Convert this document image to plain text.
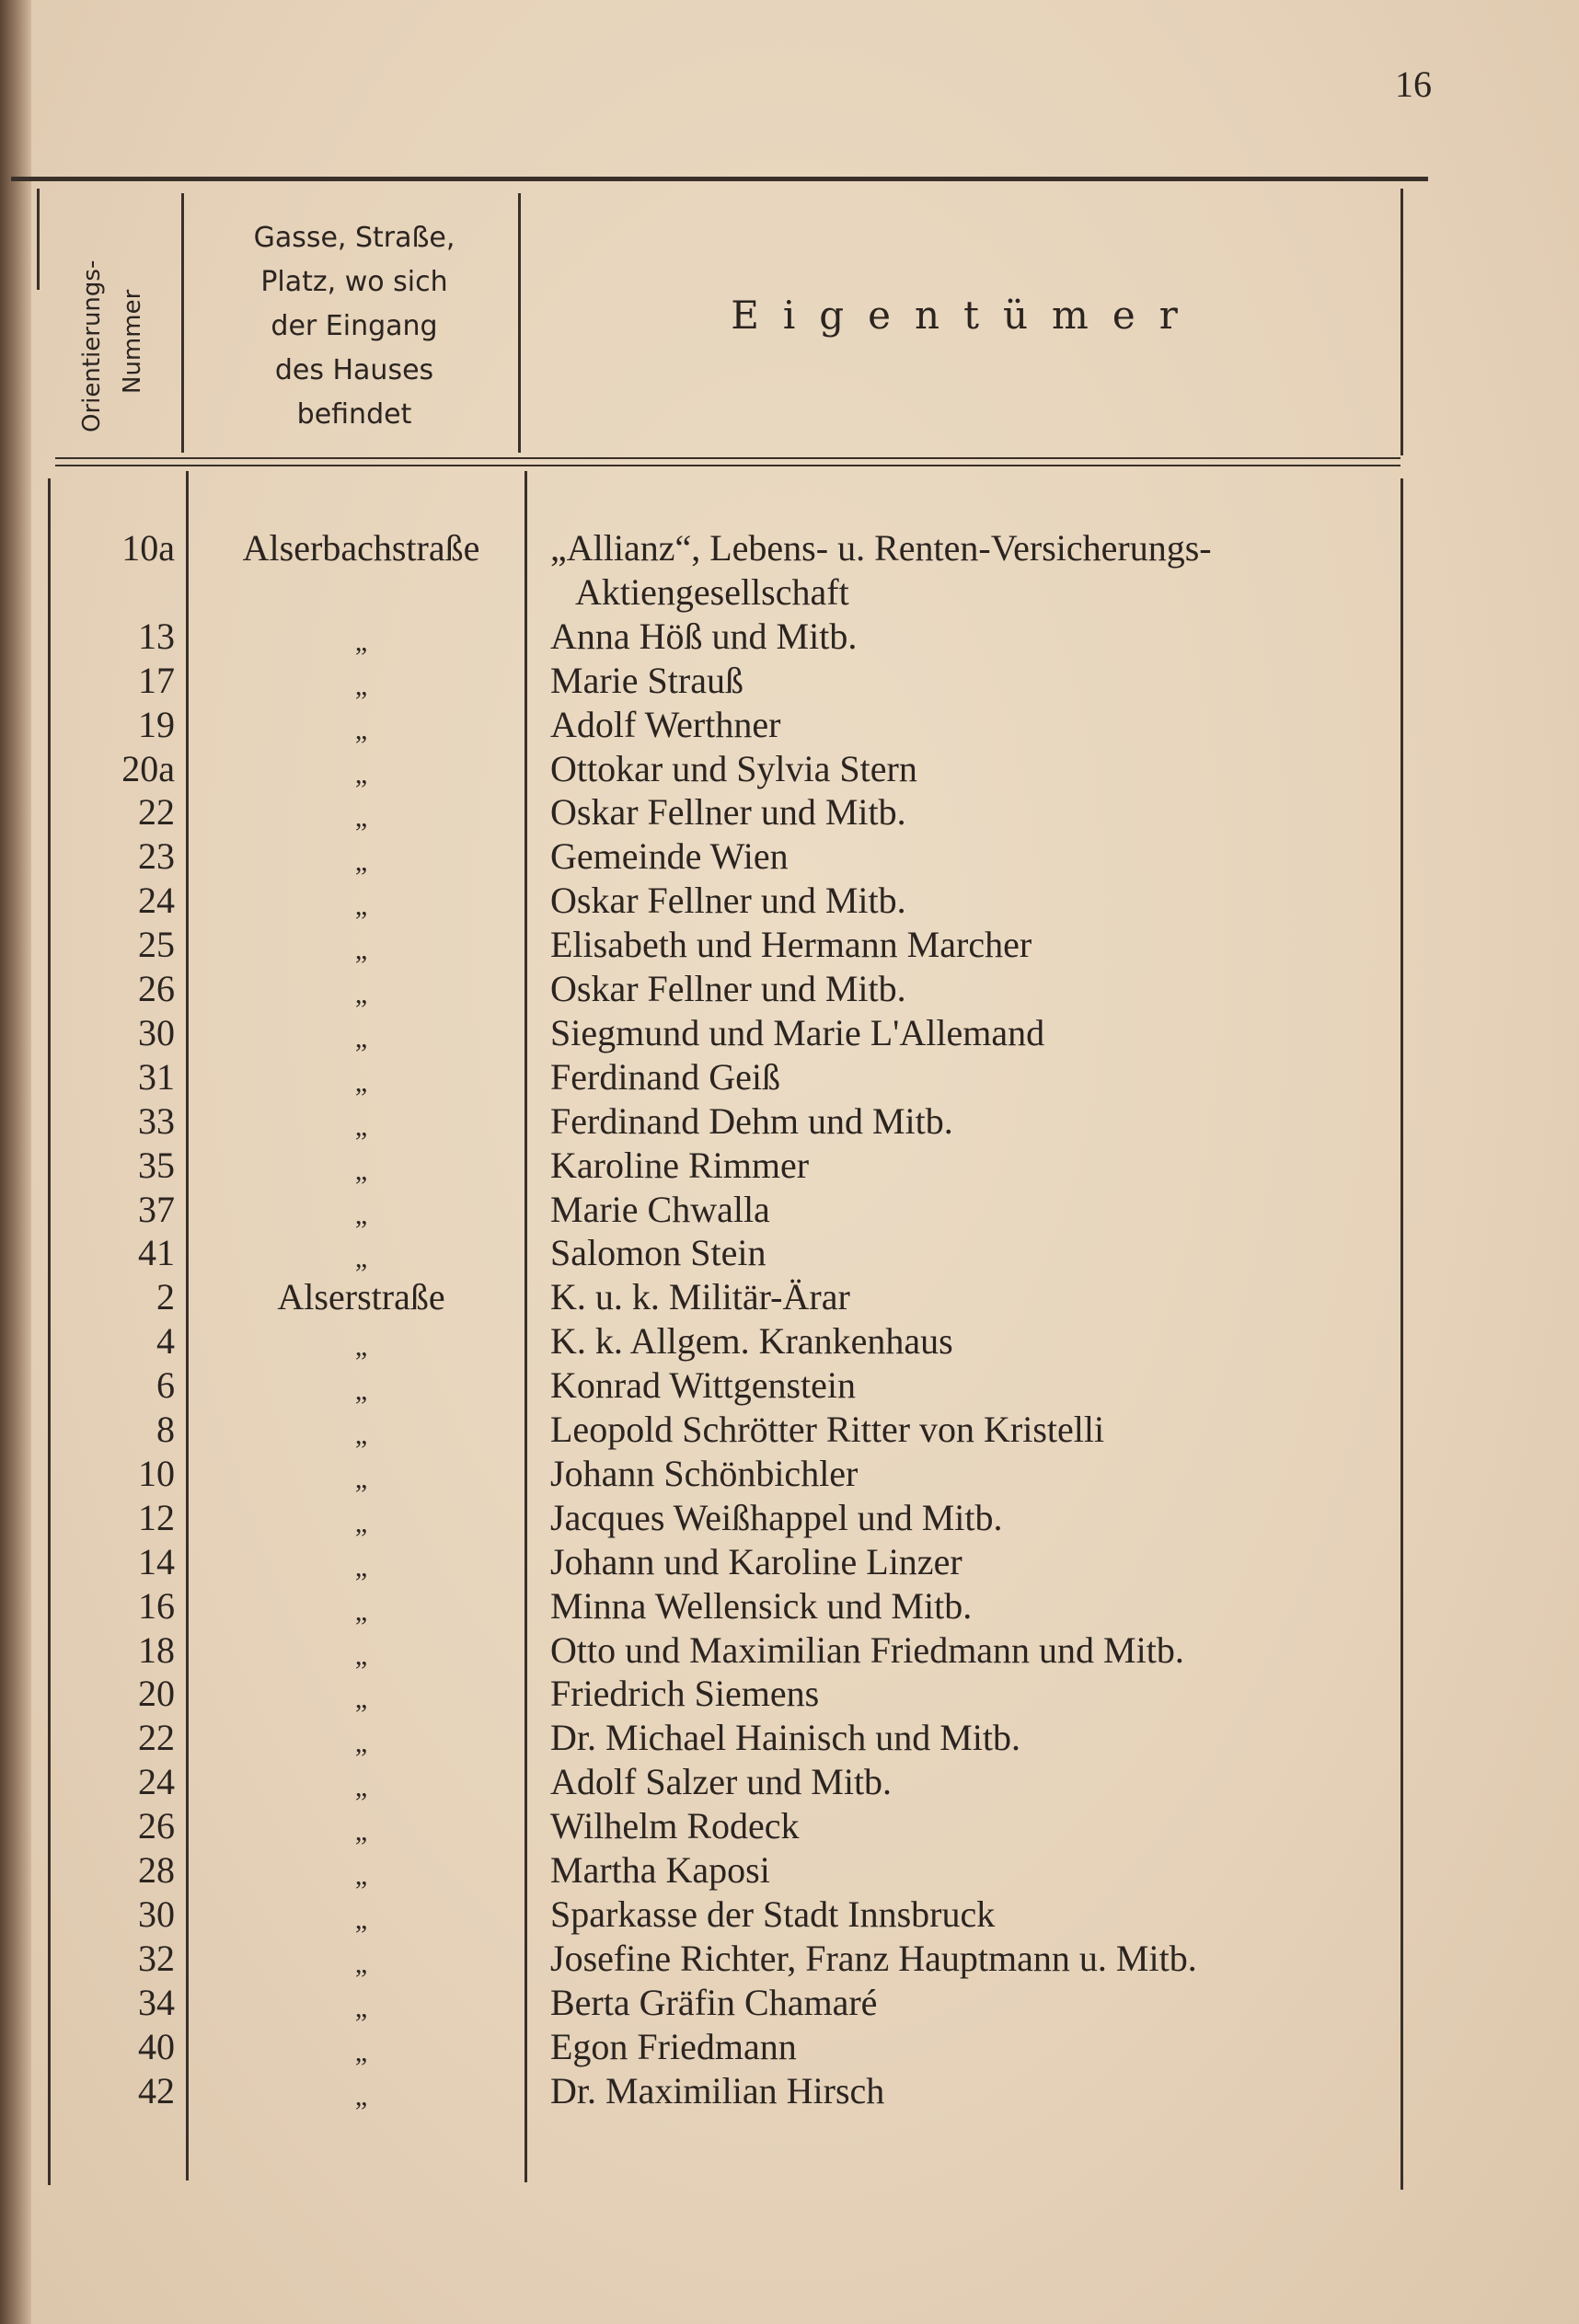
16
Orientierungs- Nummer
Gasse, Straße,
Platz, wo sich
der Eingang
des Hauses
befindet
Eigentümer
10a	Alserbachstraße	„Allianz“, Lebens- u. Renten-Versicherungs-
Aktiengesellschaft
13	„	Anna Höß und Mitb.
17	„	Marie Strauß
19	„	Adolf Werthner
20a	„	Ottokar und Sylvia Stern
22	„	Oskar Fellner und Mitb.
23	„	Gemeinde Wien
24	„	Oskar Fellner und Mitb.
25	„	Elisabeth und Hermann Marcher
26	„	Oskar Fellner und Mitb.
30	„	Siegmund und Marie L'Allemand
31	„	Ferdinand Geiß
33	„	Ferdinand Dehm und Mitb.
35	„	Karoline Rimmer
37	„	Marie Chwalla
41	„	Salomon Stein
2	Alserstraße	K. u. k. Militär-Ärar
4	„	K. k. Allgem. Krankenhaus
6	„	Konrad Wittgenstein
8	„	Leopold Schrötter Ritter von Kristelli
10	„	Johann Schönbichler
12	„	Jacques Weißhappel und Mitb.
14	„	Johann und Karoline Linzer
16	„	Minna Wellensick und Mitb.
18	„	Otto und Maximilian Friedmann und Mitb.
20	„	Friedrich Siemens
22	„	Dr. Michael Hainisch und Mitb.
24	„	Adolf Salzer und Mitb.
26	„	Wilhelm Rodeck
28	„	Martha Kaposi
30	„	Sparkasse der Stadt Innsbruck
32	„	Josefine Richter, Franz Hauptmann u. Mitb.
34	„	Berta Gräfin Chamaré
40	„	Egon Friedmann
42	„	Dr. Maximilian Hirsch
